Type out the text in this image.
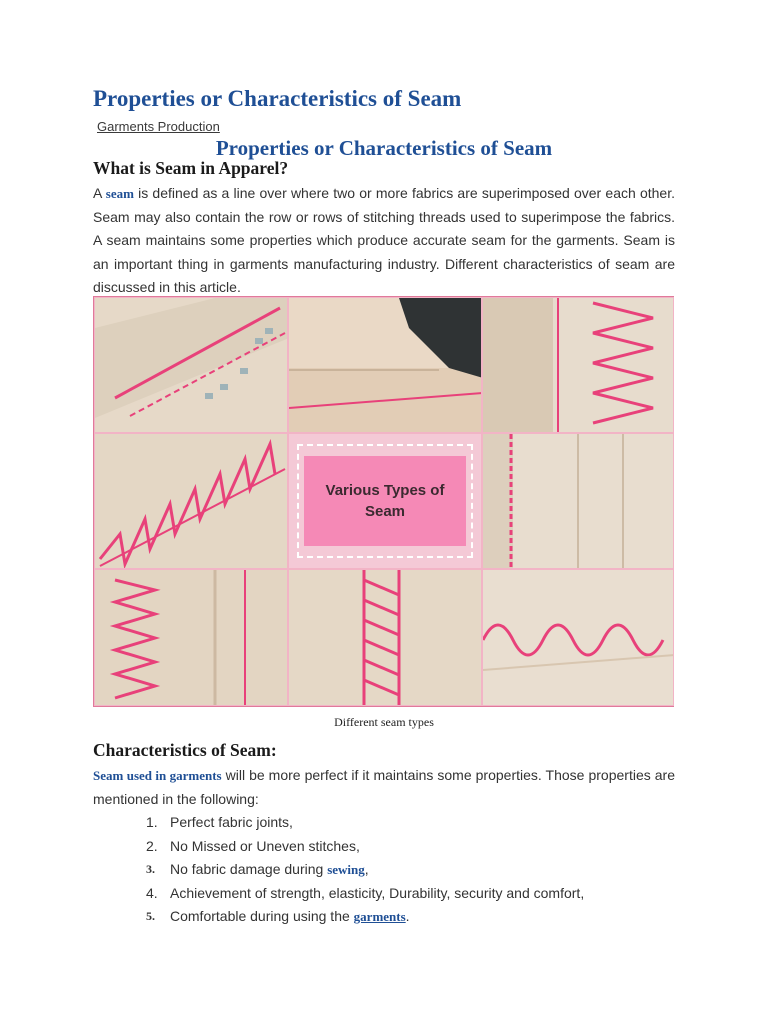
Properties or Characteristics of Seam
Garments Production
Properties or Characteristics of Seam
What is Seam in Apparel?

A seam is defined as a line over where two or more fabrics are superimposed over each other. Seam may also contain the row or rows of stitching threads used to superimpose the fabrics. A seam maintains some properties which produce accurate seam for the garments. Seam is an important thing in garments manufacturing industry. Different characteristics of seam are discussed in this article.

Various Types of Seam
Different seam types
Characteristics of Seam:

Seam used in garments will be more perfect if it maintains some properties. Those properties are mentioned in the following:

1. Perfect fabric joints,
2. No Missed or Uneven stitches,
3.	No fabric damage during sewing,
4. Achievement of strength, elasticity, Durability, security and comfort,
5.	Comfortable during using the garments.
